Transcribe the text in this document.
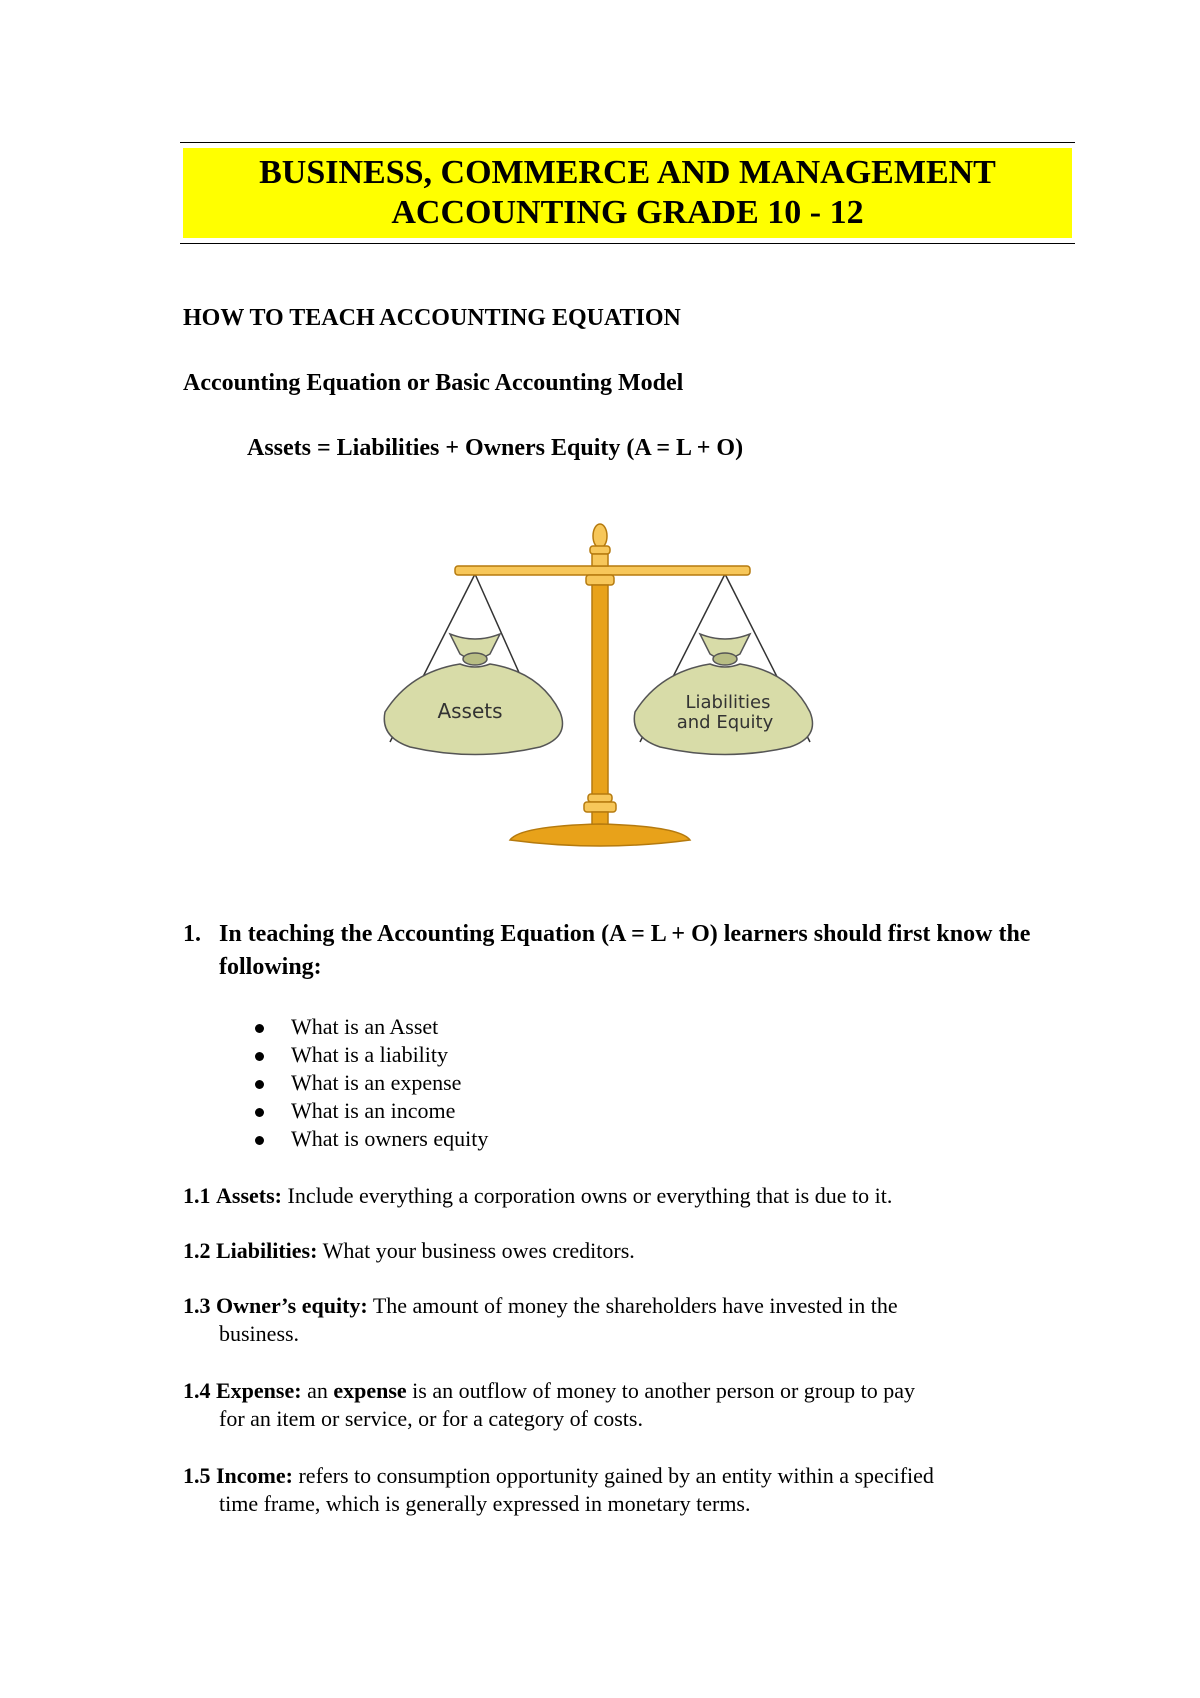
BUSINESS, COMMERCE AND MANAGEMENT
ACCOUNTING GRADE 10 - 12
HOW TO TEACH ACCOUNTING EQUATION
Accounting Equation or Basic Accounting Model
Assets = Liabilities + Owners Equity (A = L + O)
Assets	Liabilities
and Equity
1. In teaching the Accounting Equation (A = L + O) learners should first know the following:
What is an Asset
What is a liability
What is an expense
What is an income
What is owners equity
1.1 Assets: Include everything a corporation owns or everything that is due to it.
1.2 Liabilities: What your business owes creditors.
1.3 Owner’s equity: The amount of money the shareholders have invested in the
business.
1.4 Expense: an expense is an outflow of money to another person or group to pay
for an item or service, or for a category of costs.
1.5 Income: refers to consumption opportunity gained by an entity within a specified
time frame, which is generally expressed in monetary terms.
